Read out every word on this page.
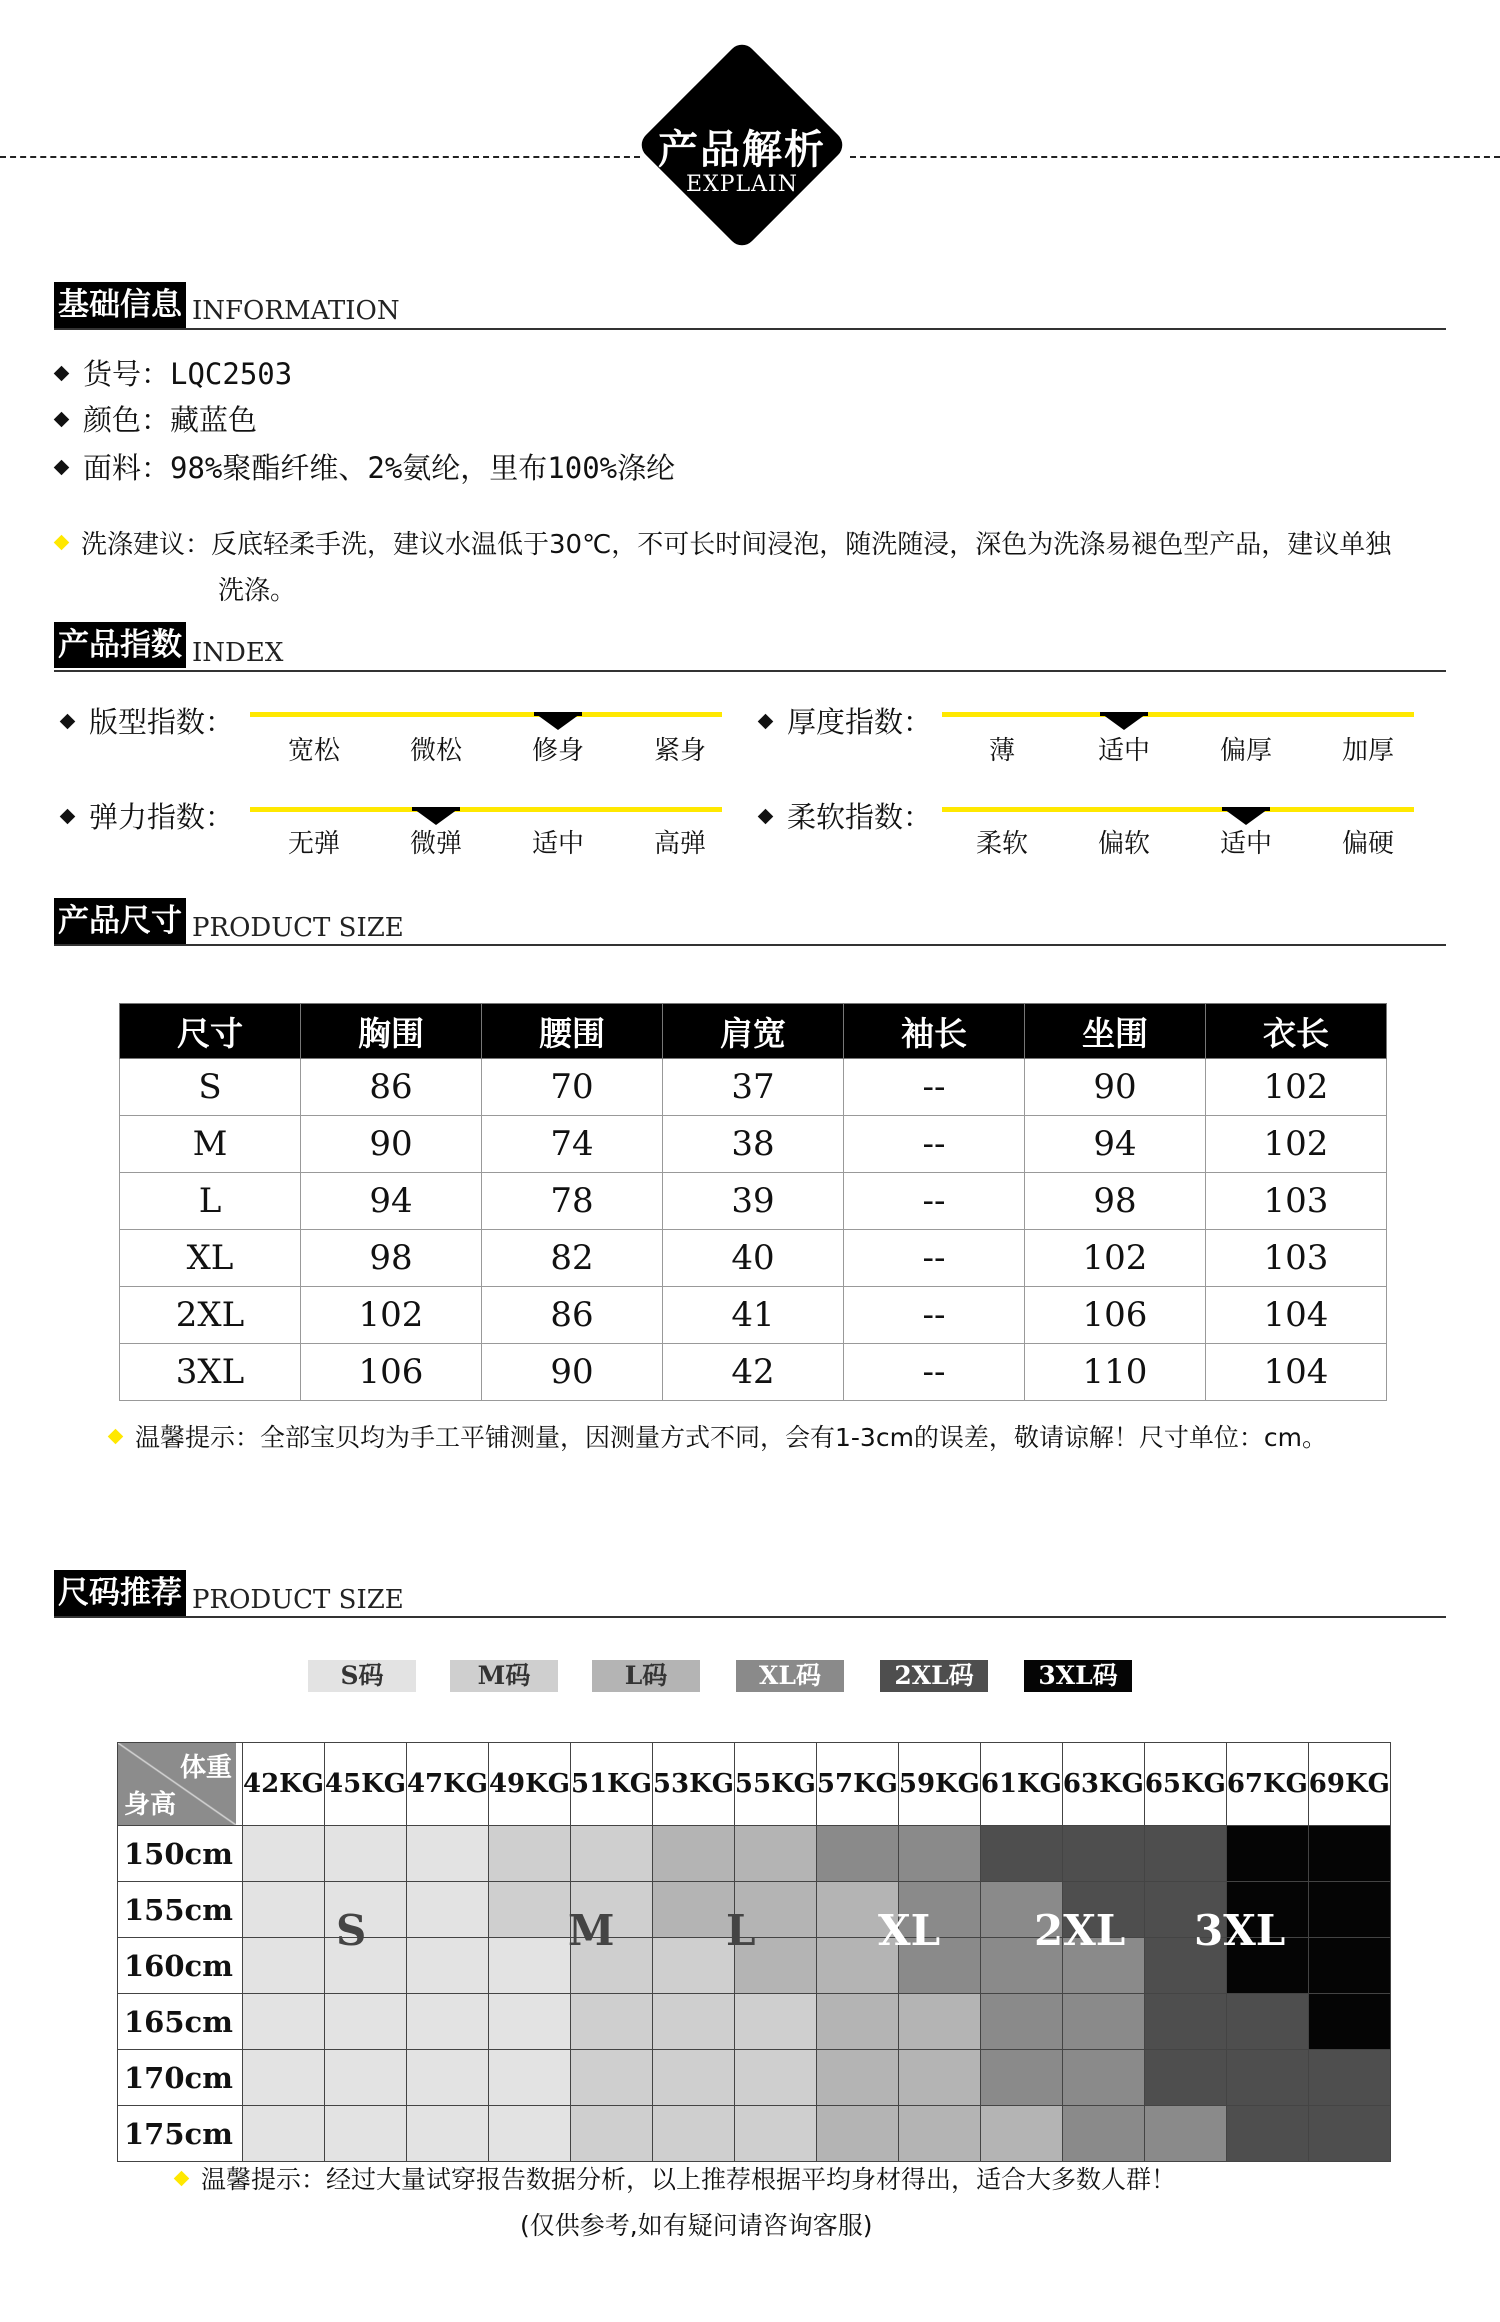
产品解析
EXPLAIN
基础信息 INFORMATION
货号：LQC2503
颜色：藏蓝色
面料：98%聚酯纤维、2%氨纶，里布100%涤纶
洗涤建议：反底轻柔手洗，建议水温低于30℃，不可长时间浸泡，随洗随浸，深色为洗涤易褪色型产品，建议单独
洗涤。
产品指数 INDEX
版型指数：
宽松	微松	修身	紧身
厚度指数：
薄	适中	偏厚	加厚
弹力指数：
无弹	微弹	适中	高弹
柔软指数：
柔软	偏软	适中	偏硬
产品尺寸 PRODUCT SIZE
尺寸	胸围	腰围	肩宽	袖长	坐围	衣长
S	86	70	37	--	90	102
M	90	74	38	--	94	102
L	94	78	39	--	98	103
XL	98	82	40	--	102	103
2XL	102	86	41	--	106	104
3XL	106	90	42	--	110	104
温馨提示：全部宝贝均为手工平铺测量，因测量方式不同，会有1-3cm的误差，敬请谅解！尺寸单位：cm。
尺码推荐 PRODUCT SIZE
S码	M码	L码	XL码	2XL码	3XL码
体重
身高	42KG	45KG	47KG	49KG	51KG	53KG	55KG	57KG	59KG	61KG	63KG	65KG	67KG	69KG
150cm														
155cm														
160cm														
165cm														
170cm														
175cm														
S	M	L	XL 2XL 3XL
温馨提示：经过大量试穿报告数据分析，以上推荐根据平均身材得出，适合大多数人群！
(仅供参考,如有疑问请咨询客服)
